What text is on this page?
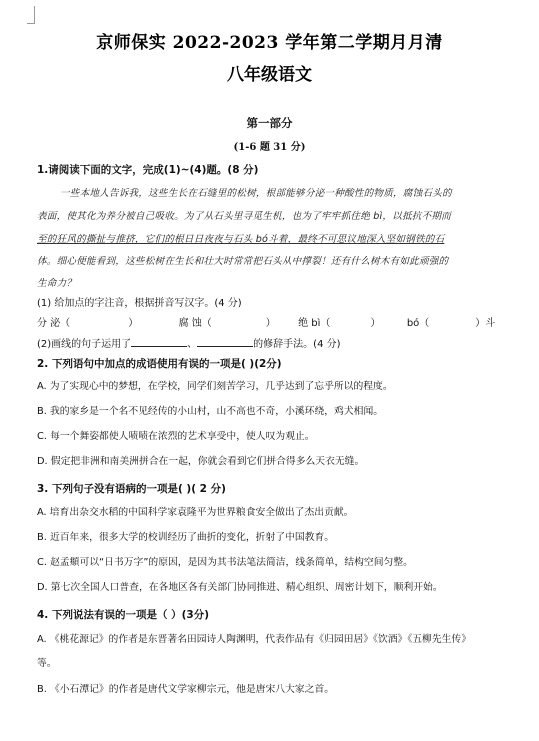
京师保实 2022-2023 学年第二学期月月清
八年级语文
第一部分
(1-6 题 31 分)
1.请阅读下面的文字，完成(1)~(4)题。(8 分)
一些本地人告诉我，这些生长在石缝里的松树，根部能够分泌一种酸性的物质，腐蚀石头的
表面，使其化为养分被自己吸收。为了从石头里寻觅生机，也为了牢牢抓住绝 bì，以抵抗不期而
至的狂风的撕扯与推挤，它们的根日日夜夜与石头 bó斗着，最终不可思议地深入坚如钢铁的石
体。细心便能看到，这些松树在生长和壮大时常常把石头从中撑裂！还有什么树木有如此顽强的
生命力？
(1) 给加点的字注音，根据拼音写汉字。(4 分)
分 泌（	）	腐 蚀（	） 绝 bì（	）	bó（	）斗
(2)画线的句子运用了	、	的修辞手法。(4 分)
2. 下列语句中加点的成语使用有误的一项是( )(2分)
A. 为了实现心中的梦想，在学校，同学们刻苦学习，几乎达到了忘乎所以的程度。
B. 我的家乡是一个名不见经传的小山村，山不高也不奇，小溪环绕，鸡犬相闻。
C. 每一个舞姿都使人啧啧在浓烈的艺术享受中，使人叹为观止。
D. 假定把非洲和南美洲拼合在一起，你就会看到它们拼合得多么天衣无缝。
3. 下列句子没有语病的一项是( )( 2 分)
A. 培育出杂交水稻的中国科学家袁隆平为世界粮食安全做出了杰出贡献。
B. 近百年来，很多大学的校训经历了曲折的变化，折射了中国教育。
C. 赵孟頫可以“日书万字”的原因，是因为其书法笔法简洁，线条简单，结构空间匀整。
D. 第七次全国人口普查，在各地区各有关部门协同推进、精心组织、周密计划下，顺利开始。
4. 下列说法有误的一项是（ ）(3分)
A. 《桃花源记》的作者是东晋著名田园诗人陶渊明，代表作品有《归园田居》《饮酒》《五柳先生传》
等。
B. 《小石潭记》的作者是唐代文学家柳宗元，他是唐宋八大家之首。
